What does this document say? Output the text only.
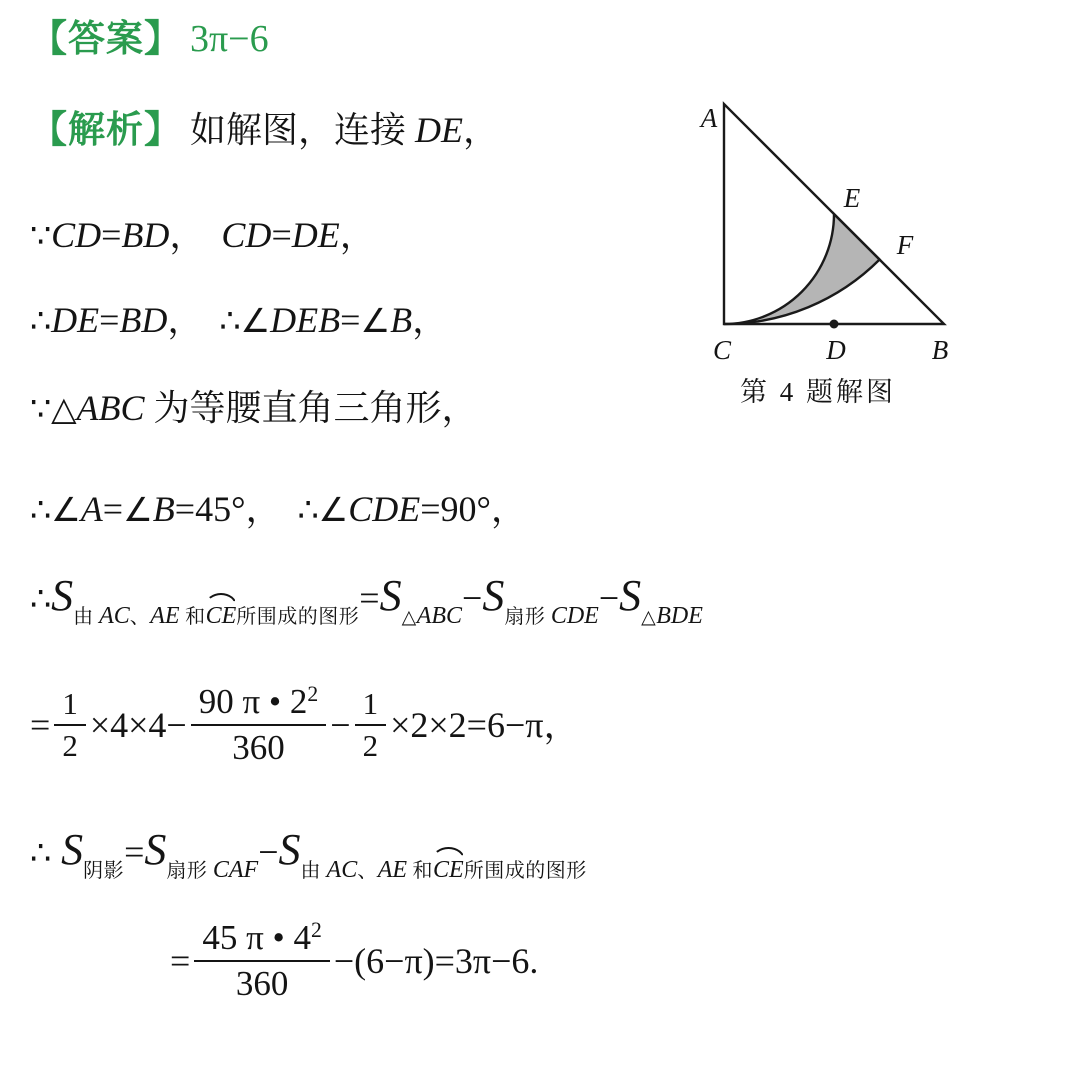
【答案】 3π−6
【解析】 如解图，连接 DE，
∵CD=BD， CD=DE，
∴DE=BD， ∴∠DEB=∠B，
∵△ABC 为等腰直角三角形，
∴∠A=∠B=45°， ∴∠CDE=90°，
$\therefore S_{由 AC、AE 和CE所围成的图形}=S_{\triangle ABC}-S_{扇形 CDE}-S_{\triangle BDE}$
= $\frac{1}{2} \times 4\times 4- \frac{90 \pi • 2^2}{360} - \frac{1}{2} \times 2\times 2=6-\pi$，
∴ $S_{阴影}=S_{扇形 CAF}-S_{由 AC、AE 和CE所围成的图形}$
= $\frac{45 \pi • 4^2}{360} -(6-\pi)=3\pi-6$.
A
E
F
C	D	B
第 4 题解图
